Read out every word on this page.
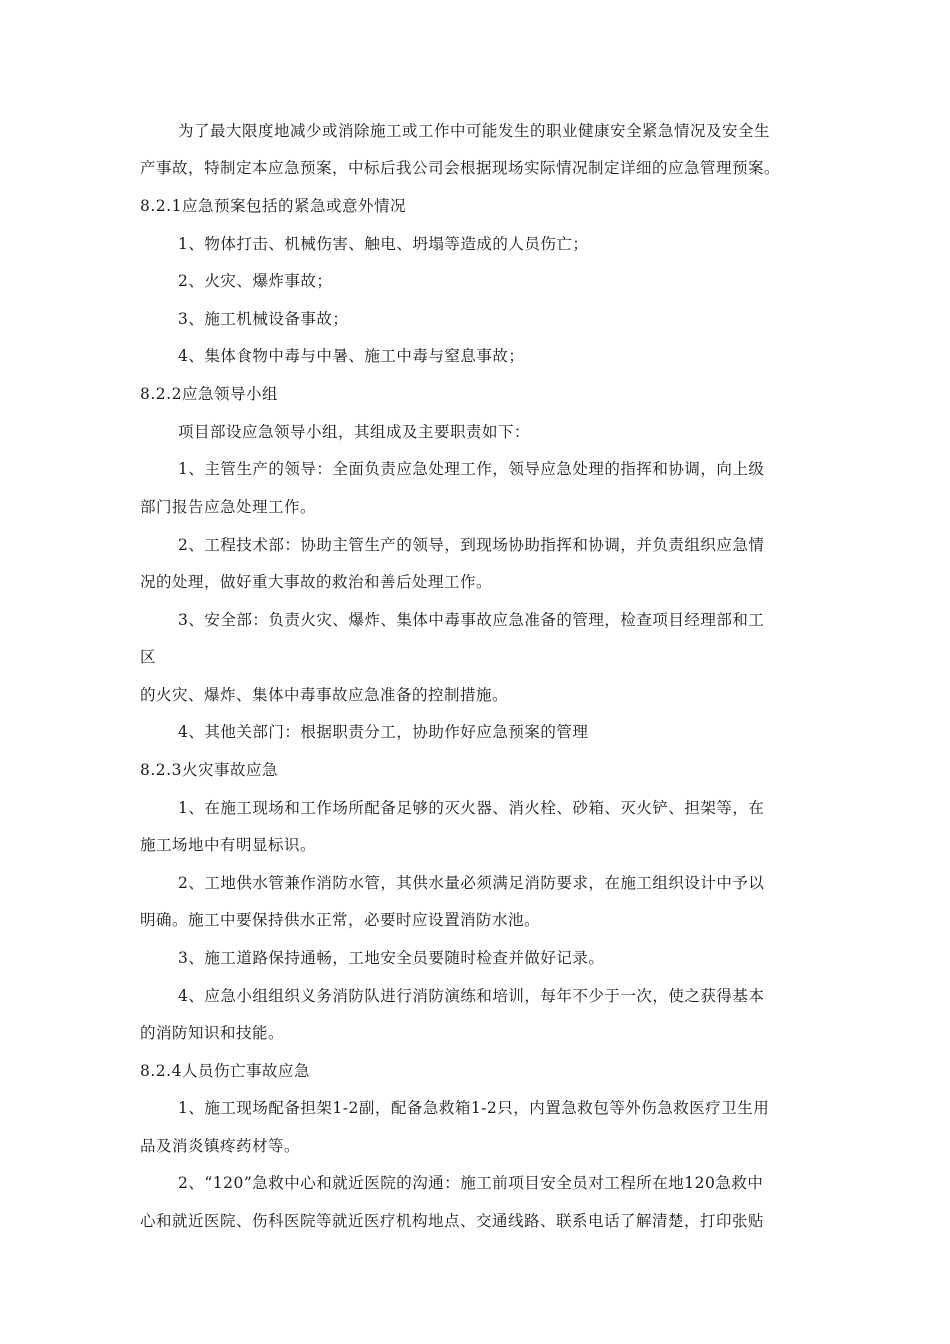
为了最大限度地减少或消除施工或工作中可能发生的职业健康安全紧急情况及安全生
产事故，特制定本应急预案，中标后我公司会根据现场实际情况制定详细的应急管理预案。
8.2.1应急预案包括的紧急或意外情况
1、物体打击、机械伤害、触电、坍塌等造成的人员伤亡；
2、火灾、爆炸事故；
3、施工机械设备事故；
4、集体食物中毒与中暑、施工中毒与窒息事故；
8.2.2应急领导小组
项目部设应急领导小组，其组成及主要职责如下：
1、主管生产的领导：全面负责应急处理工作，领导应急处理的指挥和协调，向上级
部门报告应急处理工作。
2、工程技术部：协助主管生产的领导，到现场协助指挥和协调，并负责组织应急情
况的处理，做好重大事故的救治和善后处理工作。
3、安全部：负责火灾、爆炸、集体中毒事故应急准备的管理，检查项目经理部和工
区
的火灾、爆炸、集体中毒事故应急准备的控制措施。
4、其他关部门：根据职责分工，协助作好应急预案的管理
8.2.3火灾事故应急
1、在施工现场和工作场所配备足够的灭火器、消火栓、砂箱、灭火铲、担架等，在
施工场地中有明显标识。
2、工地供水管兼作消防水管，其供水量必须满足消防要求，在施工组织设计中予以
明确。施工中要保持供水正常，必要时应设置消防水池。
3、施工道路保持通畅，工地安全员要随时检查并做好记录。
4、应急小组组织义务消防队进行消防演练和培训，每年不少于一次，使之获得基本
的消防知识和技能。
8.2.4人员伤亡事故应急
1、施工现场配备担架1-2副，配备急救箱1-2只，内置急救包等外伤急救医疗卫生用
品及消炎镇疼药材等。
2、“120”急救中心和就近医院的沟通：施工前项目安全员对工程所在地120急救中
心和就近医院、伤科医院等就近医疗机构地点、交通线路、联系电话了解清楚，打印张贴
